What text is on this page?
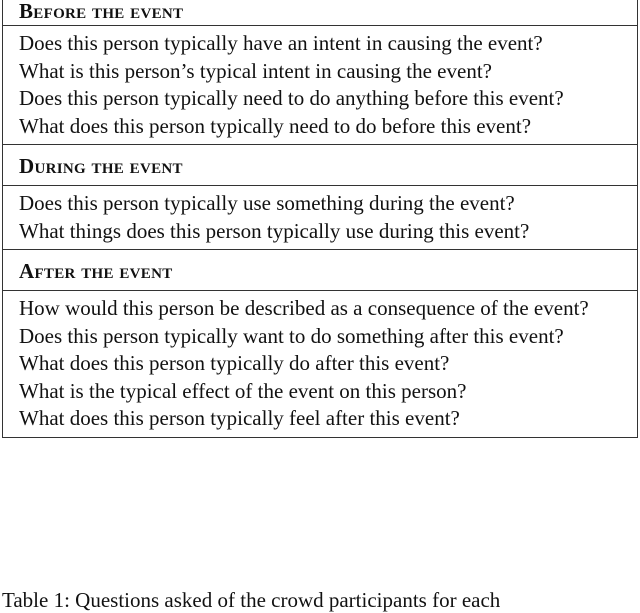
Before the event
Does this person typically have an intent in causing the event?
What is this person’s typical intent in causing the event?
Does this person typically need to do anything before this event?
What does this person typically need to do before this event?
During the event
Does this person typically use something during the event?
What things does this person typically use during this event?
After the event
How would this person be described as a consequence of the event?
Does this person typically want to do something after this event?
What does this person typically do after this event?
What is the typical effect of the event on this person?
What does this person typically feel after this event?
Table 1: Questions asked of the crowd participants for each
